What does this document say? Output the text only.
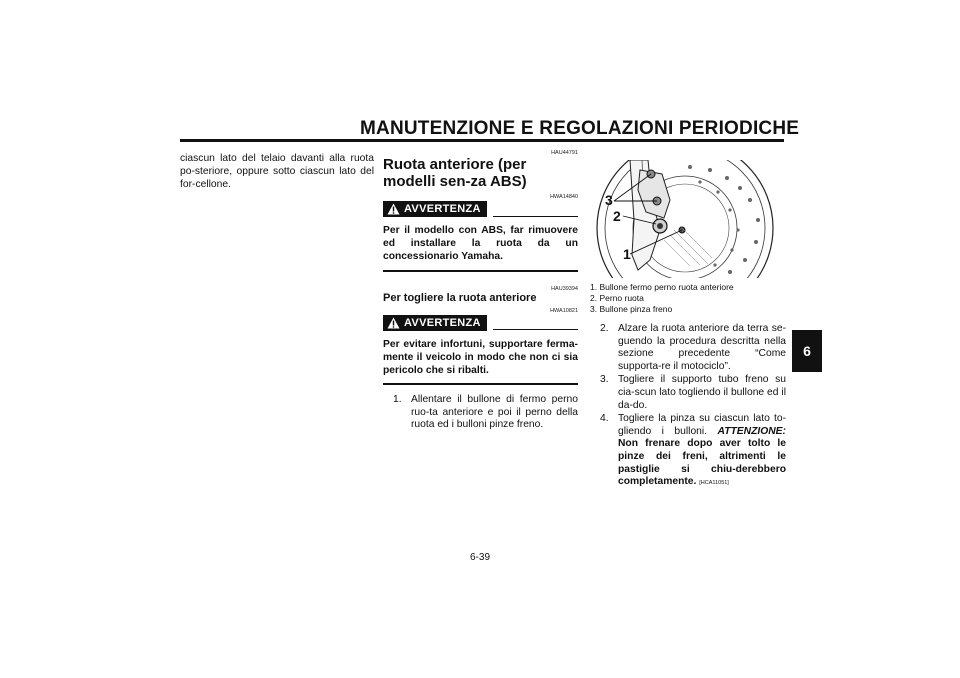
MANUTENZIONE E REGOLAZIONI PERIODICHE
ciascun lato del telaio davanti alla ruota po-steriore, oppure sotto ciascun lato del for-cellone.
HAU44791
Ruota anteriore (per modelli sen-za ABS)
HWA14840
AVVERTENZA
Per il modello con ABS, far rimuovere ed installare la ruota da un concessionario Yamaha.
HAU39394
Per togliere la ruota anteriore
HWA10821
AVVERTENZA
Per evitare infortuni, supportare ferma-mente il veicolo in modo che non ci sia pericolo che si ribalti.
1. Allentare il bullone di fermo perno ruo-ta anteriore e poi il perno della ruota ed i bulloni pinze freno.
3
2
1
1. Bullone fermo perno ruota anteriore
2. Perno ruota
3. Bullone pinza freno
2. Alzare la ruota anteriore da terra se-guendo la procedura descritta nella sezione precedente “Come supporta-re il motociclo”.
3. Togliere il supporto tubo freno su cia-scun lato togliendo il bullone ed il da-do.
4. Togliere la pinza su ciascun lato to-gliendo i bulloni. ATTENZIONE: Non frenare dopo aver tolto le pinze dei freni, altrimenti le pastiglie si chiu-derebbero completamente. [HCA11051]
6-39
6
